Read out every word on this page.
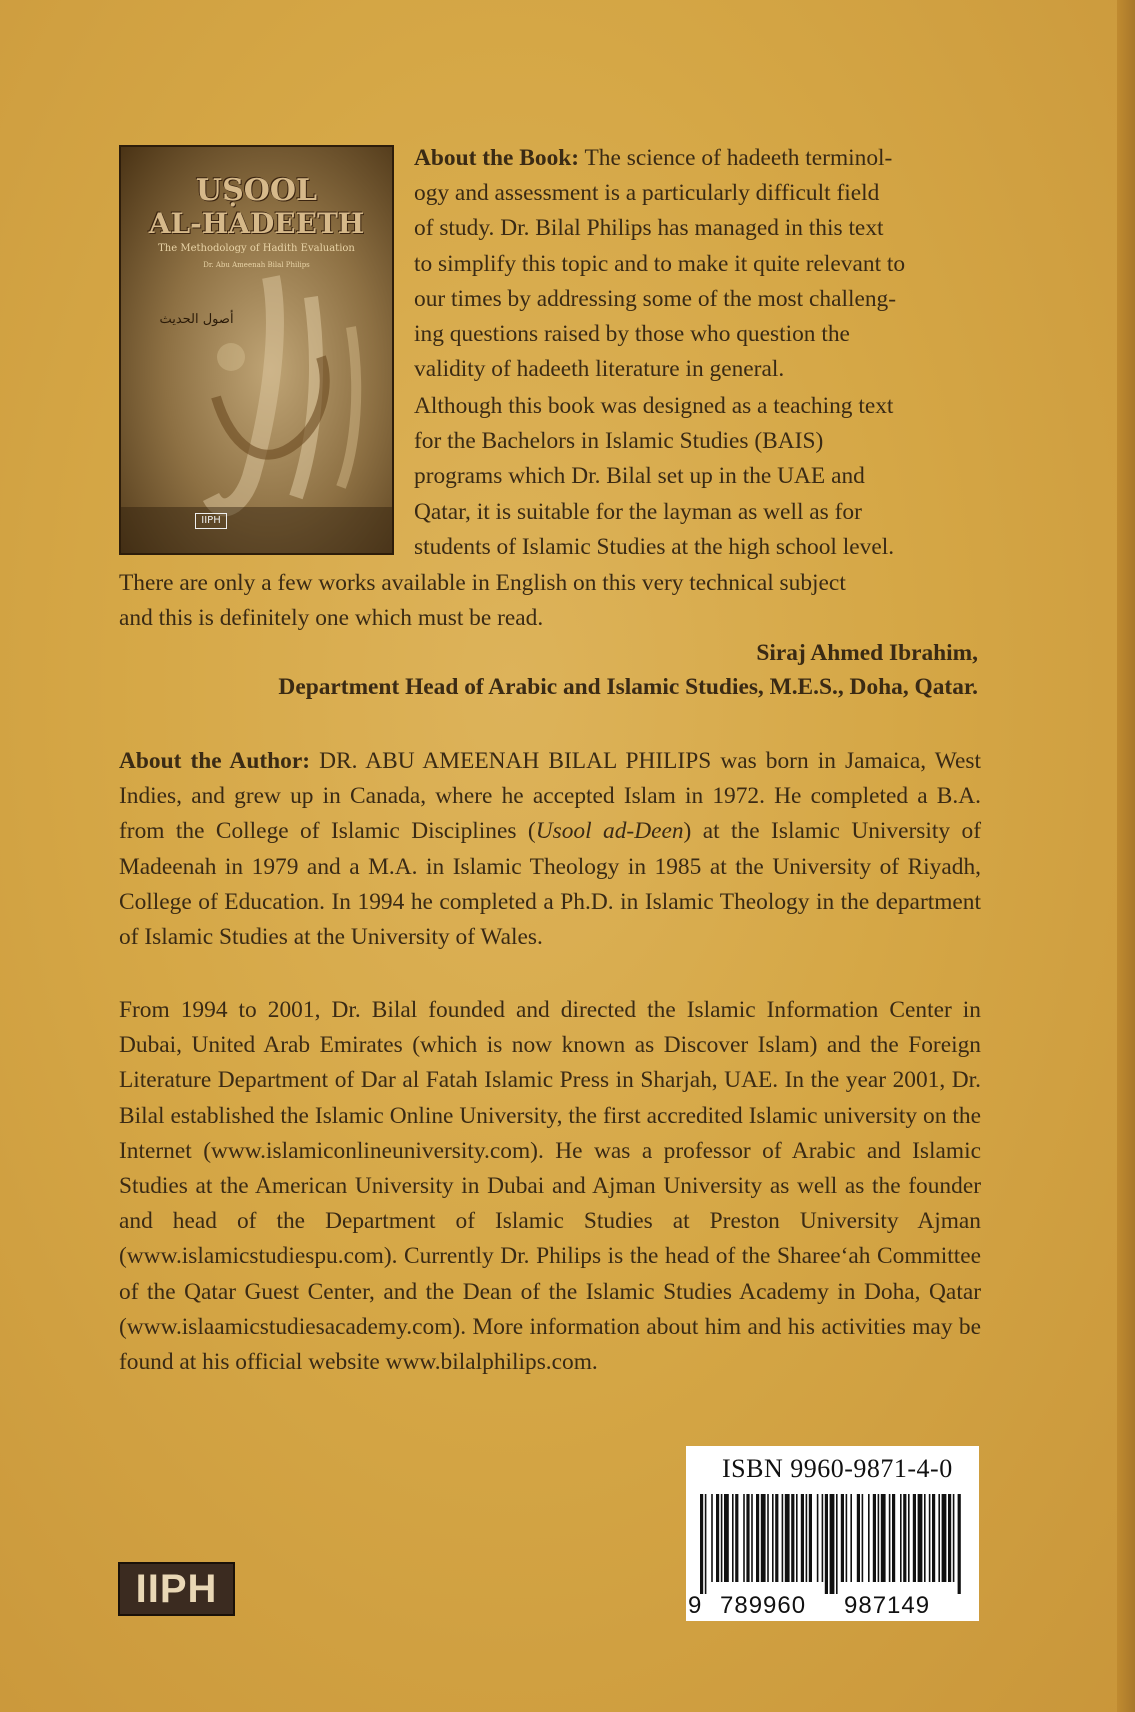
UṢOOL
AL-HADEETH
The Methodology of Hadith Evaluation
Dr. Abu Ameenah Bilal Philips
أصول الحديث
IIPH
About the Book: The science of hadeeth terminol-
ogy and assessment is a particularly difficult field
of study. Dr. Bilal Philips has managed in this text
to simplify this topic and to make it quite relevant to
our times by addressing some of the most challeng-
ing questions raised by those who question the
validity of hadeeth literature in general.
Although this book was designed as a teaching text
for the Bachelors in Islamic Studies (BAIS)
programs which Dr. Bilal set up in the UAE and
Qatar, it is suitable for the layman as well as for
students of Islamic Studies at the high school level.
There are only a few works available in English on this very technical subject
and this is definitely one which must be read.
Siraj Ahmed Ibrahim,
Department Head of Arabic and Islamic Studies, M.E.S., Doha, Qatar.
About the Author: DR. ABU AMEENAH BILAL PHILIPS was born in Jamaica, West Indies, and grew up in Canada, where he accepted Islam in 1972. He completed a B.A. from the College of Islamic Disciplines (Usool ad-Deen) at the Islamic University of Madeenah in 1979 and a M.A. in Islamic Theology in 1985 at the University of Riyadh, College of Education. In 1994 he completed a Ph.D. in Islamic Theology in the department of Islamic Studies at the University of Wales.
From 1994 to 2001, Dr. Bilal founded and directed the Islamic Information Center in Dubai, United Arab Emirates (which is now known as Discover Islam) and the Foreign Literature Department of Dar al Fatah Islamic Press in Sharjah, UAE. In the year 2001, Dr. Bilal established the Islamic Online University, the first accredited Islamic university on the Internet (www.islamiconlineuniversity.com). He was a professor of Arabic and Islamic Studies at the American University in Dubai and Ajman University as well as the founder and head of the Department of Islamic Studies at Preston University Ajman (www.islamicstudiespu.com). Currently Dr. Philips is the head of the Sharee‘ah Committee of the Qatar Guest Center, and the Dean of the Islamic Studies Academy in Doha, Qatar (www.islaamicstudiesacademy.com). More information about him and his activities may be found at his official website www.bilalphilips.com.
ISBN 9960-9871-4-0
9 789960 987149
IIPH
